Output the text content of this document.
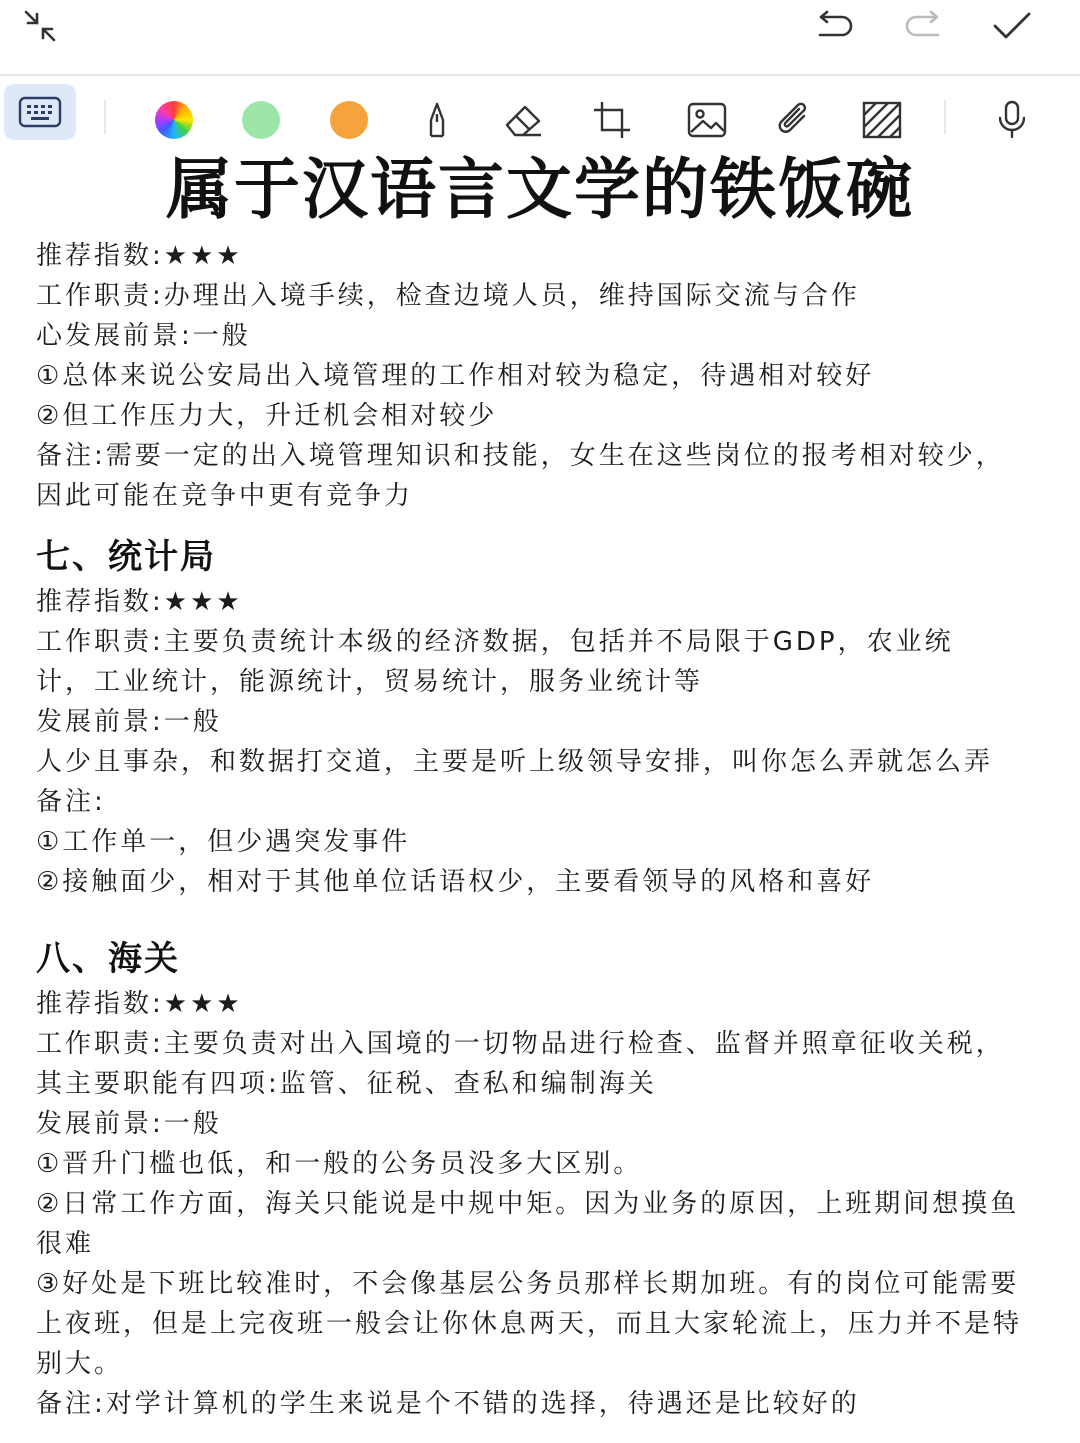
属于汉语言文学的铁饭碗
推荐指数:★★★
工作职责:办理出入境手续，检查边境人员，维持国际交流与合作
心发展前景:一般
①总体来说公安局出入境管理的工作相对较为稳定，待遇相对较好
②但工作压力大，升迁机会相对较少
备注:需要一定的出入境管理知识和技能，女生在这些岗位的报考相对较少，
因此可能在竞争中更有竞争力
七、统计局
推荐指数:★★★
工作职责:主要负责统计本级的经济数据，包括并不局限于GDP，农业统
计，工业统计，能源统计，贸易统计，服务业统计等
发展前景:一般
人少且事杂，和数据打交道，主要是听上级领导安排，叫你怎么弄就怎么弄
备注:
①工作单一，但少遇突发事件
②接触面少，相对于其他单位话语权少，主要看领导的风格和喜好
八、海关
推荐指数:★★★
工作职责:主要负责对出入国境的一切物品进行检查、监督并照章征收关税，
其主要职能有四项:监管、征税、查私和编制海关
发展前景:一般
①晋升门槛也低，和一般的公务员没多大区别。
②日常工作方面，海关只能说是中规中矩。因为业务的原因，上班期间想摸鱼
很难
③好处是下班比较准时，不会像基层公务员那样长期加班。有的岗位可能需要
上夜班，但是上完夜班一般会让你休息两天，而且大家轮流上，压力并不是特
别大。
备注:对学计算机的学生来说是个不错的选择，待遇还是比较好的
